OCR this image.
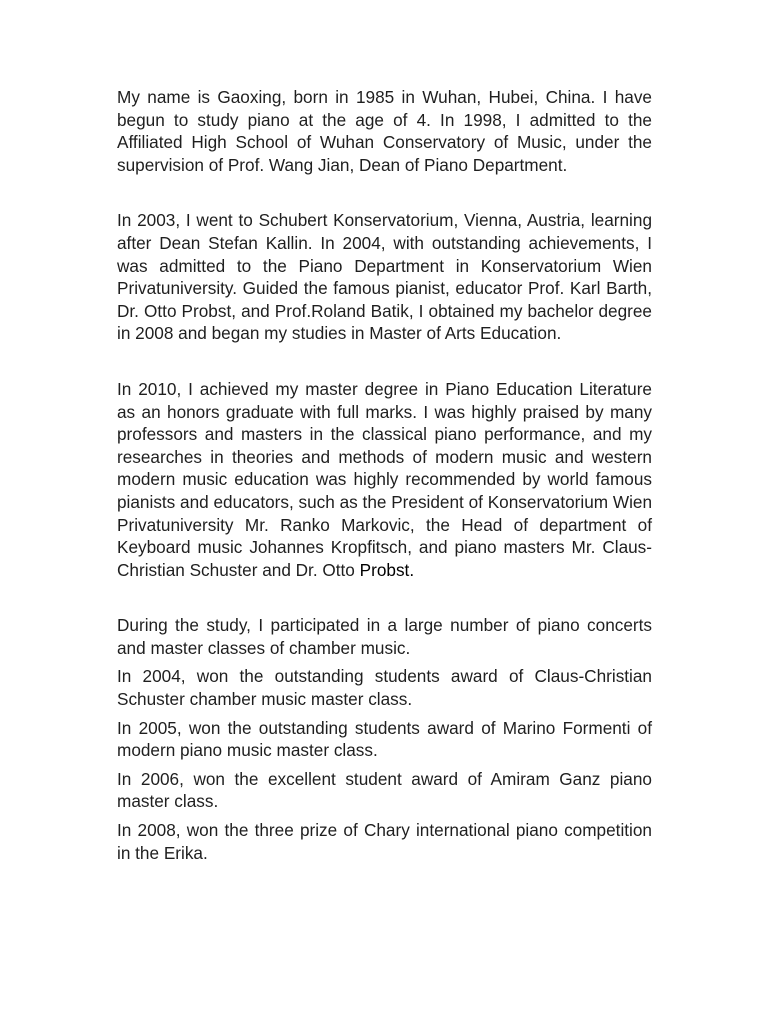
My name is Gaoxing, born in 1985 in Wuhan, Hubei, China. I have begun to study piano at the age of 4. In 1998, I admitted to the Affiliated High School of Wuhan Conservatory of Music, under the supervision of Prof. Wang Jian, Dean of Piano Department.

In 2003, I went to Schubert Konservatorium, Vienna, Austria, learning after Dean Stefan Kallin. In 2004, with outstanding achievements, I was admitted to the Piano Department in Konservatorium Wien Privatuniversity. Guided the famous pianist, educator Prof. Karl Barth, Dr. Otto Probst, and Prof.Roland Batik, I obtained my bachelor degree in 2008 and began my studies in Master of Arts Education.

In 2010, I achieved my master degree in Piano Education Literature as an honors graduate with full marks. I was highly praised by many professors and masters in the classical piano performance, and my researches in theories and methods of modern music and western modern music education was highly recommended by world famous pianists and educators, such as the President of Konservatorium Wien Privatuniversity Mr. Ranko Markovic, the Head of department of Keyboard music Johannes Kropfitsch, and piano masters Mr. Claus-Christian Schuster and Dr. Otto Probst.

During the study, I participated in a large number of piano concerts and master classes of chamber music.

In 2004, won the outstanding students award of Claus-Christian Schuster chamber music master class.

In 2005, won the outstanding students award of Marino Formenti of modern piano music master class.

In 2006, won the excellent student award of Amiram Ganz piano master class.

In 2008, won the three prize of Chary international piano competition in the Erika.
